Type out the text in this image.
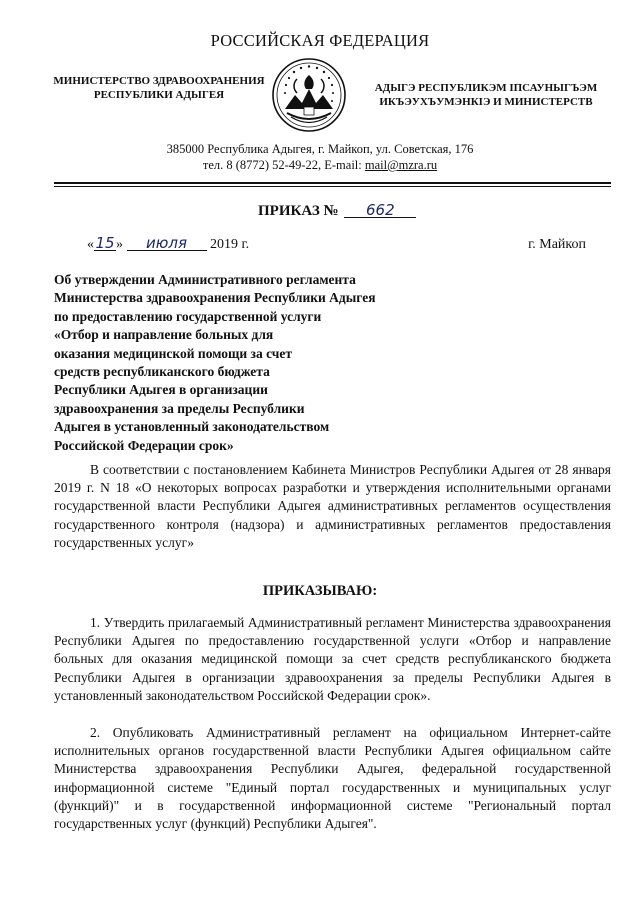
РОССИЙСКАЯ ФЕДЕРАЦИЯ
МИНИСТЕРСТВО ЗДРАВООХРАНЕНИЯ
РЕСПУБЛИКИ АДЫГЕЯ
АДЫГЭ РЕСПУБЛИКЭМ ІПСАУНЫГЪЭМ
ИКЪЭУХЪУМЭНКІЭ И МИНИСТЕРСТВ
385000 Республика Адыгея, г. Майкоп, ул. Советская, 176
тел. 8 (8772) 52-49-22, E-mail: mail@mzra.ru
ПРИКАЗ № 662
«15» июля 2019 г.	г. Майкоп
Об утверждении Административного регламента
Министерства здравоохранения Республики Адыгея
по предоставлению государственной услуги
«Отбор и направление больных для
оказания медицинской помощи за счет
средств республиканского бюджета
Республики Адыгея в организации
здравоохранения за пределы Республики
Адыгея в установленный законодательством
Российской Федерации срок»

В соответствии с постановлением Кабинета Министров Республики Адыгея от 28 января 2019 г. N 18 «О некоторых вопросах разработки и утверждения исполнительными органами государственной власти Республики Адыгея административных регламентов осуществления государственного контроля (надзора) и административных регламентов предоставления государственных услуг»

ПРИКАЗЫВАЮ:

1. Утвердить прилагаемый Административный регламент Министерства здравоохранения Республики Адыгея по предоставлению государственной услуги «Отбор и направление больных для оказания медицинской помощи за счет средств республиканского бюджета Республики Адыгея в организации здравоохранения за пределы Республики Адыгея в установленный законодательством Российской Федерации срок».

2. Опубликовать Административный регламент на официальном Интернет-сайте исполнительных органов государственной власти Республики Адыгея официальном сайте Министерства здравоохранения Республики Адыгея, федеральной государственной информационной системе "Единый портал государственных и муниципальных услуг (функций)" и в государственной информационной системе "Региональный портал государственных услуг (функций) Республики Адыгея".
